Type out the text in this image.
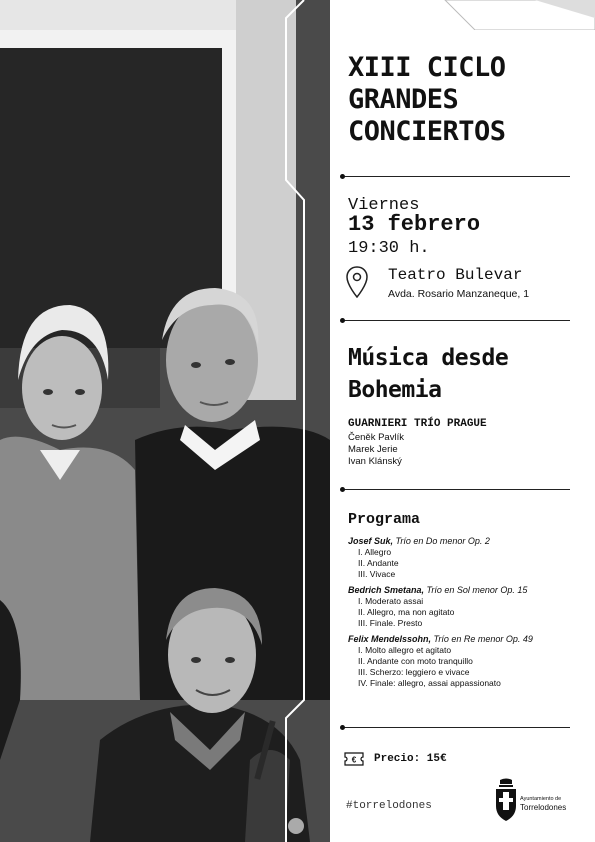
XIII CICLO
GRANDES
CONCIERTOS
Viernes
13 febrero
19:30 h.
Teatro Bulevar
Avda. Rosario Manzaneque, 1
Música desde
Bohemia
GUARNIERI TRÍO PRAGUE
Čeněk Pavlík
Marek Jerie
Ivan Klánský
Programa
Josef Suk, Trío en Do menor Op. 2
I. Allegro
II. Andante
III. Vivace
Bedrich Smetana, Trío en Sol menor Op. 15
I. Moderato assai
II. Allegro, ma non agitato
III. Finale. Presto
Felix Mendelssohn, Trío en Re menor Op. 49
I. Molto allegro et agitato
II. Andante con moto tranquillo
III. Scherzo: leggiero e vivace
IV. Finale: allegro, assai appassionato
€ Precio: 15€
#torrelodones
Ayuntamiento de
Torrelodones
